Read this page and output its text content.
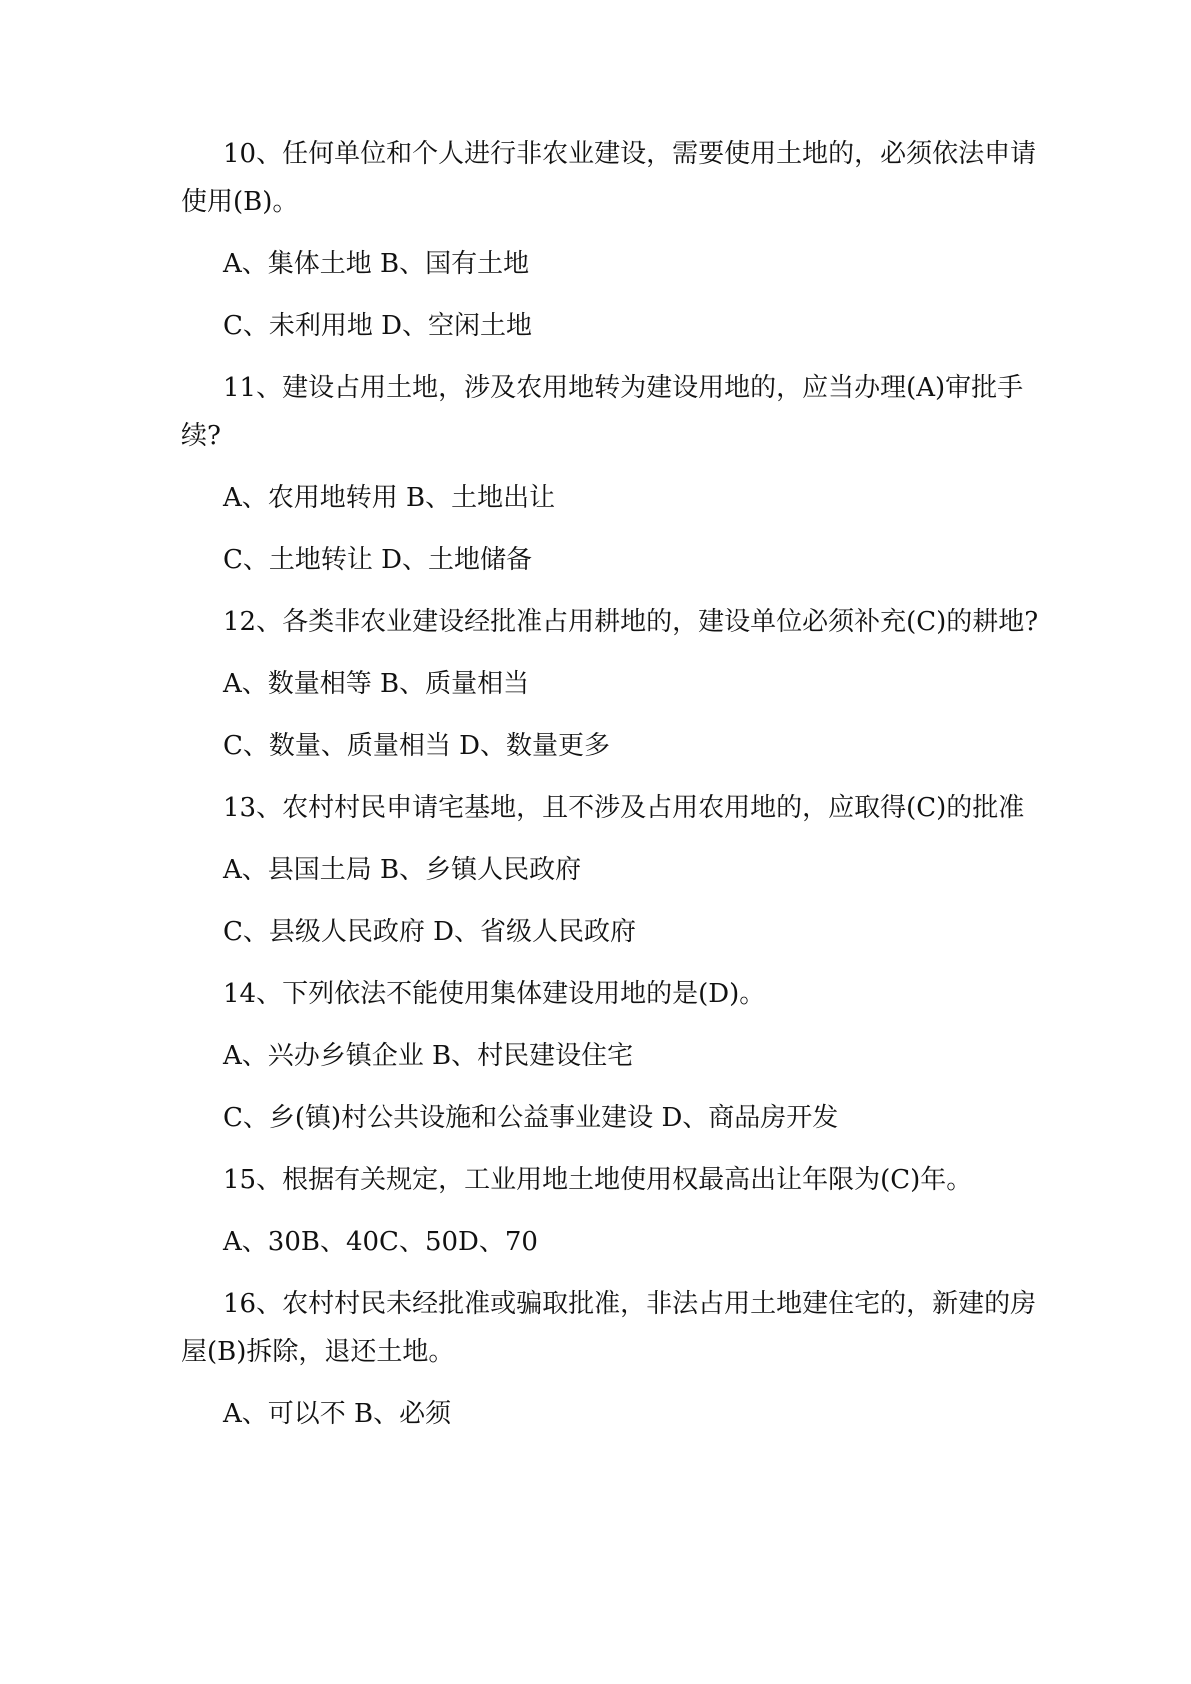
10、任何单位和个人进行非农业建设，需要使用土地的，必须依法申请使用(B)。

A、集体土地 B、国有土地

C、未利用地 D、空闲土地

11、建设占用土地，涉及农用地转为建设用地的，应当办理(A)审批手续?

A、农用地转用 B、土地出让

C、土地转让 D、土地储备

12、各类非农业建设经批准占用耕地的，建设单位必须补充(C)的耕地?

A、数量相等 B、质量相当

C、数量、质量相当 D、数量更多

13、农村村民申请宅基地，且不涉及占用农用地的，应取得(C)的批准

A、县国土局 B、乡镇人民政府

C、县级人民政府 D、省级人民政府

14、下列依法不能使用集体建设用地的是(D)。

A、兴办乡镇企业 B、村民建设住宅

C、乡(镇)村公共设施和公益事业建设 D、商品房开发

15、根据有关规定，工业用地土地使用权最高出让年限为(C)年。

A、30B、40C、50D、70

16、农村村民未经批准或骗取批准，非法占用土地建住宅的，新建的房屋(B)拆除，退还土地。

A、可以不 B、必须
